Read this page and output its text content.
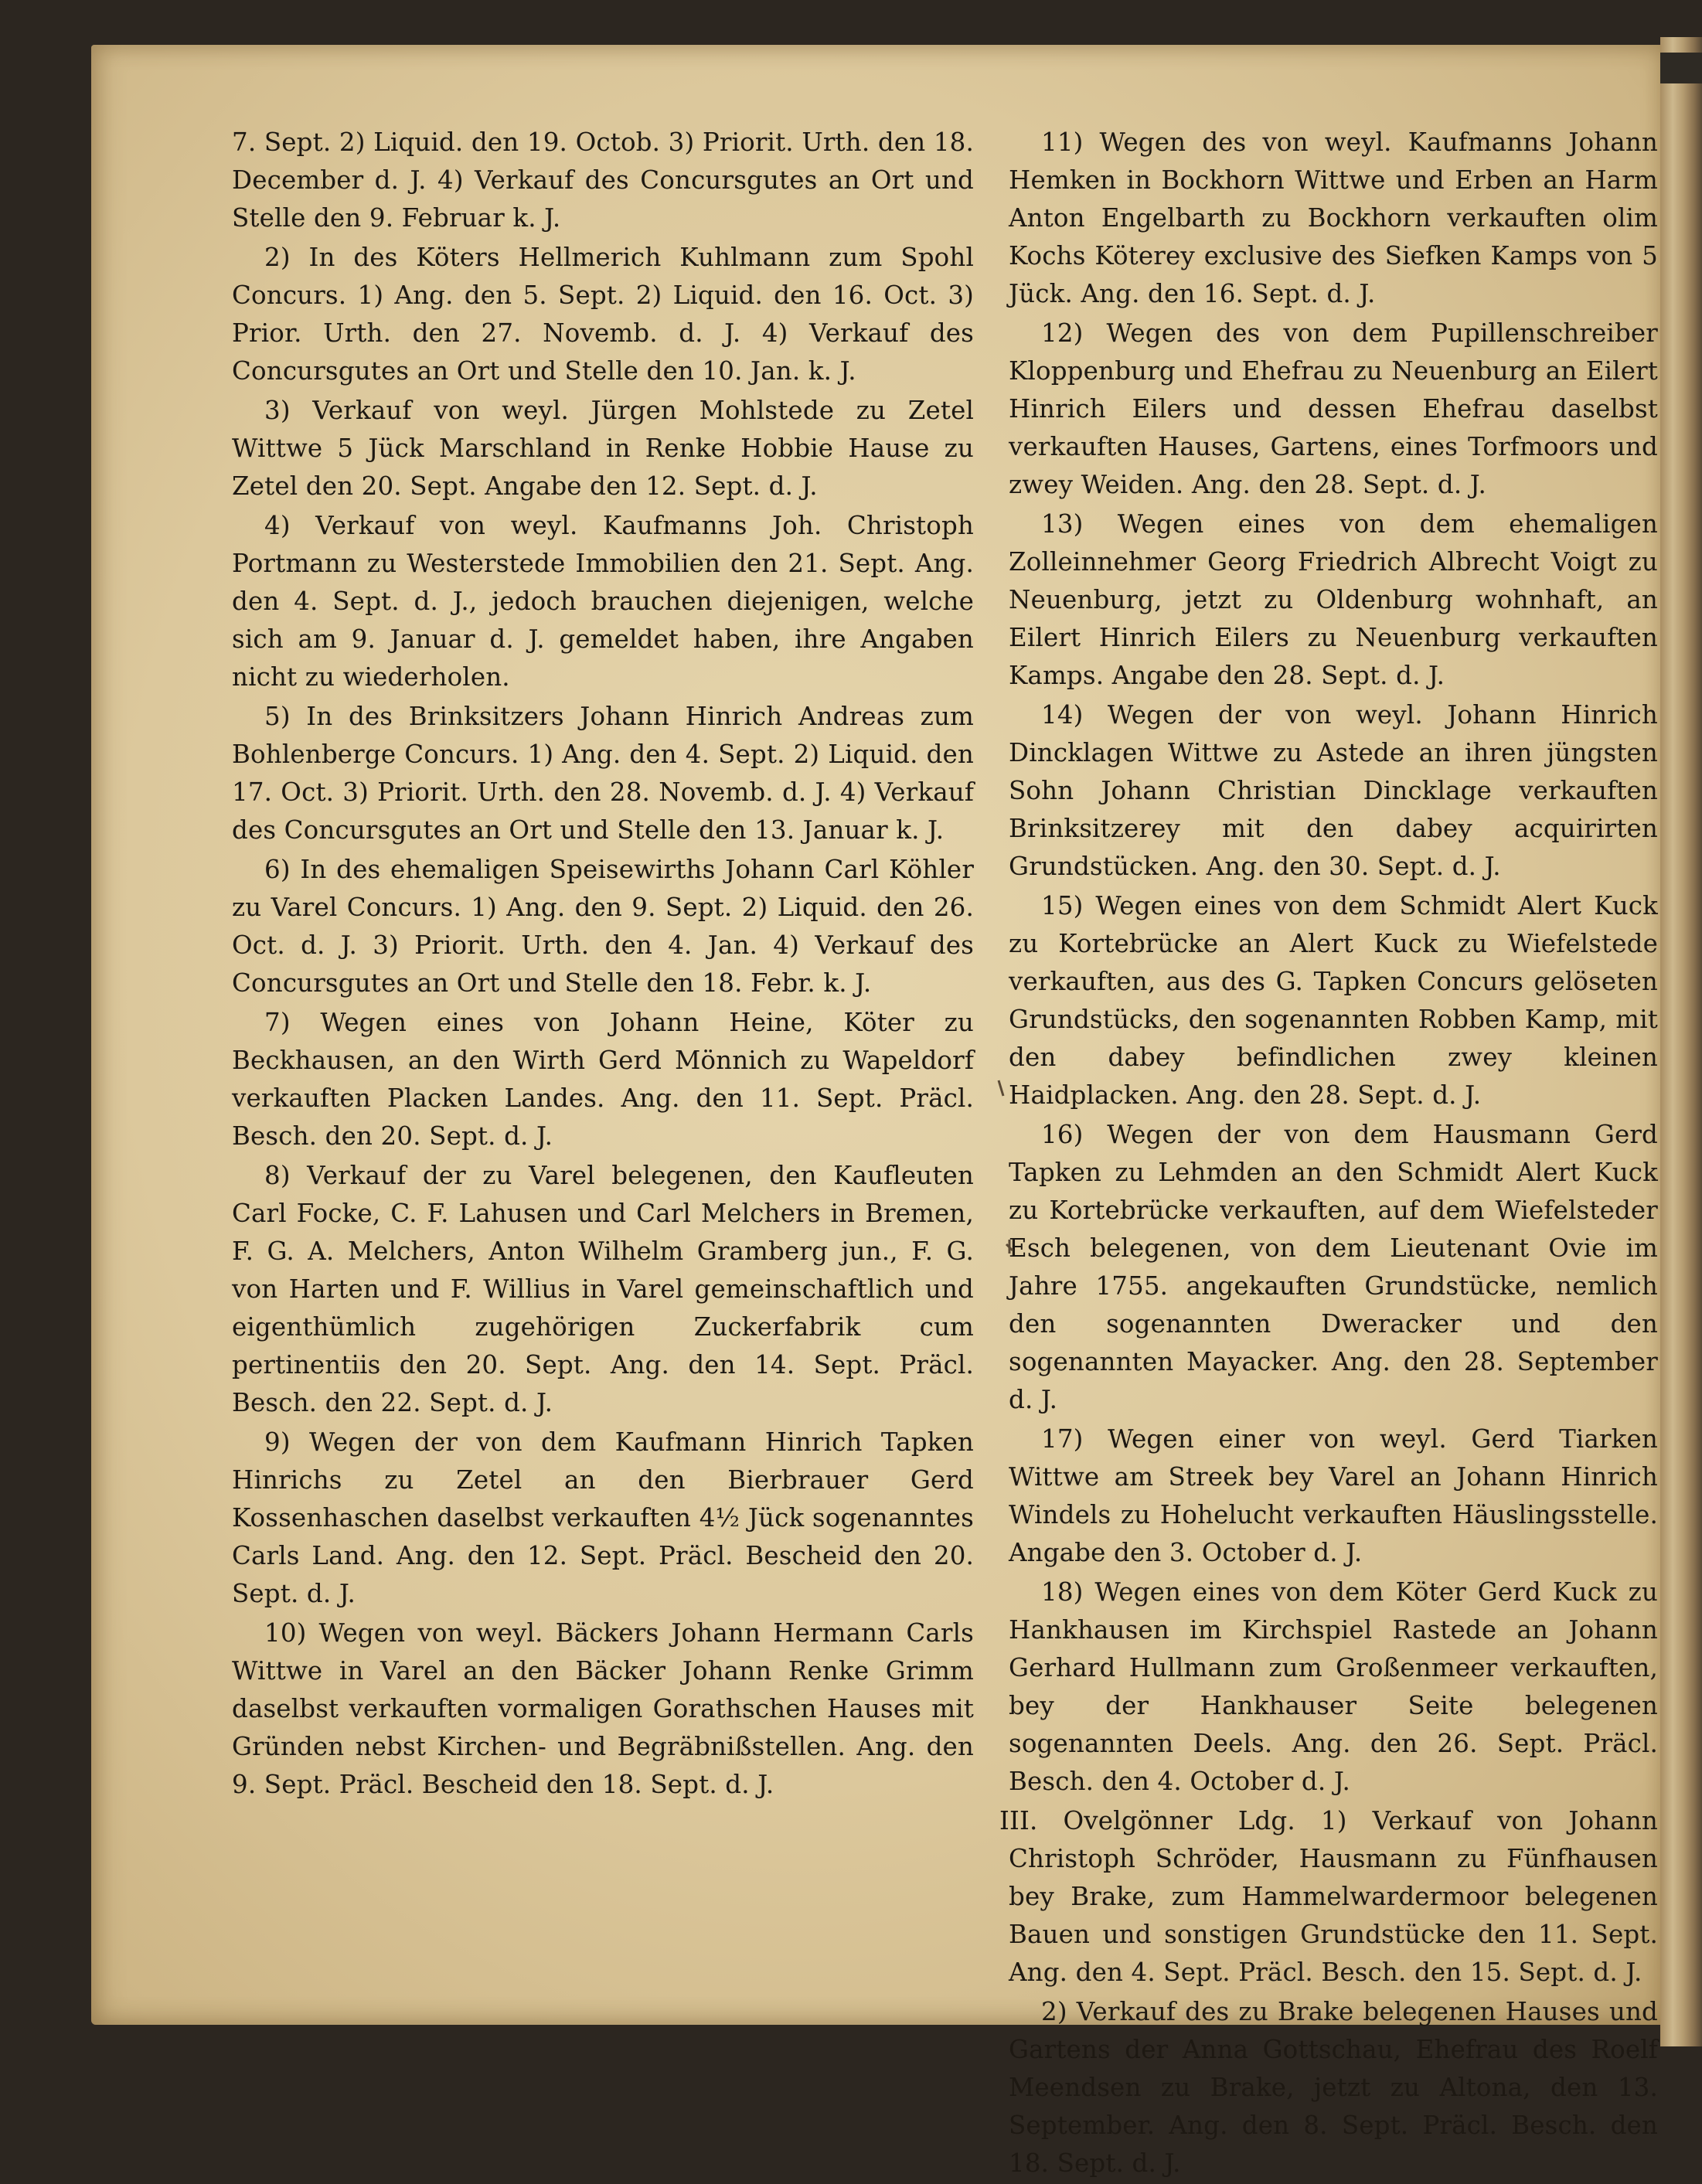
7. Sept. 2) Liquid. den 19. Octob. 3) Priorit. Urth. den 18. December d. J. 4) Verkauf des Concursgutes an Ort und Stelle den 9. Februar k. J.

2) In des Köters Hellmerich Kuhlmann zum Spohl Concurs. 1) Ang. den 5. Sept. 2) Liquid. den 16. Oct. 3) Prior. Urth. den 27. Novemb. d. J. 4) Verkauf des Concursgutes an Ort und Stelle den 10. Jan. k. J.

3) Verkauf von weyl. Jürgen Mohlstede zu Zetel Wittwe 5 Jück Marschland in Renke Hobbie Hause zu Zetel den 20. Sept. Angabe den 12. Sept. d. J.

4) Verkauf von weyl. Kaufmanns Joh. Christoph Portmann zu Westerstede Immobilien den 21. Sept. Ang. den 4. Sept. d. J., jedoch brauchen diejenigen, welche sich am 9. Januar d. J. gemeldet haben, ihre Angaben nicht zu wiederholen.

5) In des Brinksitzers Johann Hinrich Andreas zum Bohlenberge Concurs. 1) Ang. den 4. Sept. 2) Liquid. den 17. Oct. 3) Priorit. Urth. den 28. Novemb. d. J. 4) Verkauf des Concursgutes an Ort und Stelle den 13. Januar k. J.

6) In des ehemaligen Speisewirths Johann Carl Köhler zu Varel Concurs. 1) Ang. den 9. Sept. 2) Liquid. den 26. Oct. d. J. 3) Priorit. Urth. den 4. Jan. 4) Verkauf des Concursgutes an Ort und Stelle den 18. Febr. k. J.

7) Wegen eines von Johann Heine, Köter zu Beckhausen, an den Wirth Gerd Mönnich zu Wapeldorf verkauften Placken Landes. Ang. den 11. Sept. Präcl. Besch. den 20. Sept. d. J.

8) Verkauf der zu Varel belegenen, den Kaufleuten Carl Focke, C. F. Lahusen und Carl Melchers in Bremen, F. G. A. Melchers, Anton Wilhelm Gramberg jun., F. G. von Harten und F. Willius in Varel gemeinschaftlich und eigenthümlich zugehörigen Zuckerfabrik cum pertinentiis den 20. Sept. Ang. den 14. Sept. Präcl. Besch. den 22. Sept. d. J.

9) Wegen der von dem Kaufmann Hinrich Tapken Hinrichs zu Zetel an den Bierbrauer Gerd Kossenhaschen daselbst verkauften 4½ Jück sogenanntes Carls Land. Ang. den 12. Sept. Präcl. Bescheid den 20. Sept. d. J.

10) Wegen von weyl. Bäckers Johann Hermann Carls Wittwe in Varel an den Bäcker Johann Renke Grimm daselbst verkauften vormaligen Gorathschen Hauses mit Gründen nebst Kirchen- und Begräbnißstellen. Ang. den 9. Sept. Präcl. Bescheid den 18. Sept. d. J.

11) Wegen des von weyl. Kaufmanns Johann Hemken in Bockhorn Wittwe und Erben an Harm Anton Engelbarth zu Bockhorn verkauften olim Kochs Köterey exclusive des Siefken Kamps von 5 Jück. Ang. den 16. Sept. d. J.

12) Wegen des von dem Pupillenschreiber Kloppenburg und Ehefrau zu Neuenburg an Eilert Hinrich Eilers und dessen Ehefrau daselbst verkauften Hauses, Gartens, eines Torfmoors und zwey Weiden. Ang. den 28. Sept. d. J.

13) Wegen eines von dem ehemaligen Zolleinnehmer Georg Friedrich Albrecht Voigt zu Neuenburg, jetzt zu Oldenburg wohnhaft, an Eilert Hinrich Eilers zu Neuenburg verkauften Kamps. Angabe den 28. Sept. d. J.

14) Wegen der von weyl. Johann Hinrich Dincklagen Wittwe zu Astede an ihren jüngsten Sohn Johann Christian Dincklage verkauften Brinksitzerey mit den dabey acquirirten Grundstücken. Ang. den 30. Sept. d. J.

15) Wegen eines von dem Schmidt Alert Kuck zu Kortebrücke an Alert Kuck zu Wiefelstede verkauften, aus des G. Tapken Concurs gelöseten Grundstücks, den sogenannten Robben Kamp, mit den dabey befindlichen zwey kleinen Haidplacken. Ang. den 28. Sept. d. J.

16) Wegen der von dem Hausmann Gerd Tapken zu Lehmden an den Schmidt Alert Kuck zu Kortebrücke verkauften, auf dem Wiefelsteder Esch belegenen, von dem Lieutenant Ovie im Jahre 1755. angekauften Grundstücke, nemlich den sogenannten Dweracker und den sogenannten Mayacker. Ang. den 28. September d. J.

17) Wegen einer von weyl. Gerd Tiarken Wittwe am Streek bey Varel an Johann Hinrich Windels zu Hohelucht verkauften Häuslingsstelle. Angabe den 3. October d. J.

18) Wegen eines von dem Köter Gerd Kuck zu Hankhausen im Kirchspiel Rastede an Johann Gerhard Hullmann zum Großenmeer verkauften, bey der Hankhauser Seite belegenen sogenannten Deels. Ang. den 26. Sept. Präcl. Besch. den 4. October d. J.

III. Ovelgönner Ldg. 1) Verkauf von Johann Christoph Schröder, Hausmann zu Fünfhausen bey Brake, zum Hammelwardermoor belegenen Bauen und sonstigen Grundstücke den 11. Sept. Ang. den 4. Sept. Präcl. Besch. den 15. Sept. d. J.

2) Verkauf des zu Brake belegenen Hauses und Gartens der Anna Gottschau, Ehefrau des Roelf Meendsen zu Brake, jetzt zu Altona, den 13. September. Ang. den 8. Sept. Präcl. Besch. den 18. Sept. d. J.
